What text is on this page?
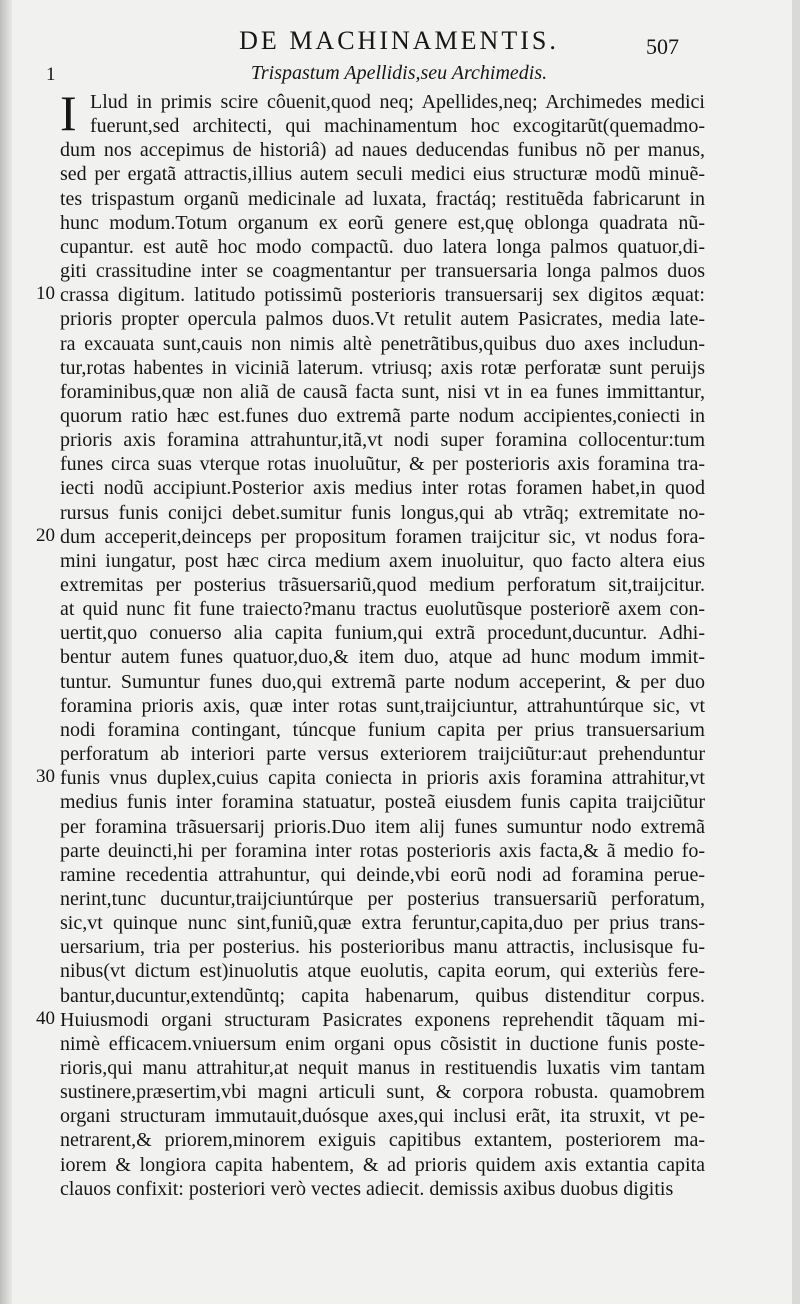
DE MACHINAMENTIS.	507
1	Trispastum Apellidis,seu Archimedis.
I Llud in primis scire côuenit,quod neq; Apellides,neq; Archimedes medici
fuerunt,sed architecti, qui machinamentum hoc excogitarũt(quemadmo-
dum nos accepimus de historiâ) ad naues deducendas funibus nõ per manus,
sed per ergatã attractis,illius autem seculi medici eius structuræ modũ minuẽ-
tes trispastum organũ medicinale ad luxata, fractáq; restituẽda fabricarunt in
hunc modum.Totum organum ex eorũ genere est,quę oblonga quadrata nũ-
cupantur. est autẽ hoc modo compactũ. duo latera longa palmos quatuor,di-
giti crassitudine inter se coagmentantur per transuersaria longa palmos duos
crassa digitum. latitudo potissimũ posterioris transuersarij sex digitos æquat:
prioris propter opercula palmos duos.Vt retulit autem Pasicrates, media late-
ra excauata sunt,cauis non nimis altè penetrãtibus,quibus duo axes includun-
tur,rotas habentes in viciniã laterum. vtriusq; axis rotæ perforatæ sunt peruijs
foraminibus,quæ non aliã de causã facta sunt, nisi vt in ea funes immittantur,
quorum ratio hæc est.funes duo extremã parte nodum accipientes,coniecti in
prioris axis foramina attrahuntur,itã,vt nodi super foramina collocentur:tum
funes circa suas vterque rotas inuoluũtur, & per posterioris axis foramina tra-
iecti nodũ accipiunt.Posterior axis medius inter rotas foramen habet,in quod
rursus funis conijci debet.sumitur funis longus,qui ab vtrãq; extremitate no-
dum acceperit,deinceps per propositum foramen traijcitur sic, vt nodus fora-
mini iungatur, post hæc circa medium axem inuoluitur, quo facto altera eius
extremitas per posterius trãsuersariũ,quod medium perforatum sit,traijcitur.
at quid nunc fit fune traiecto?manu tractus euolutũsque posteriorẽ axem con-
uertit,quo conuerso alia capita funium,qui extrã procedunt,ducuntur. Adhi-
bentur autem funes quatuor,duo,& item duo, atque ad hunc modum immit-
tuntur. Sumuntur funes duo,qui extremã parte nodum acceperint, & per duo
foramina prioris axis, quæ inter rotas sunt,traijciuntur, attrahuntúrque sic, vt
nodi foramina contingant, túncque funium capita per prius transuersarium
perforatum ab interiori parte versus exteriorem traijciũtur:aut prehenduntur
funis vnus duplex,cuius capita coniecta in prioris axis foramina attrahitur,vt
medius funis inter foramina statuatur, posteã eiusdem funis capita traijciũtur
per foramina trãsuersarij prioris.Duo item alij funes sumuntur nodo extremã
parte deuincti,hi per foramina inter rotas posterioris axis facta,& ã medio fo-
ramine recedentia attrahuntur, qui deinde,vbi eorũ nodi ad foramina perue-
nerint,tunc ducuntur,traijciuntúrque per posterius transuersariũ perforatum,
sic,vt quinque nunc sint,funiũ,quæ extra feruntur,capita,duo per prius trans-
uersarium, tria per posterius. his posterioribus manu attractis, inclusisque fu-
nibus(vt dictum est)inuolutis atque euolutis, capita eorum, qui exteriùs fere-
bantur,ducuntur,extendũntq; capita habenarum, quibus distenditur corpus.
Huiusmodi organi structuram Pasicrates exponens reprehendit tãquam mi-
nimè efficacem.vniuersum enim organi opus cõsistit in ductione funis poste-
rioris,qui manu attrahitur,at nequit manus in restituendis luxatis vim tantam
sustinere,præsertim,vbi magni articuli sunt, & corpora robusta. quamobrem
organi structuram immutauit,duósque axes,qui inclusi erãt, ita struxit, vt pe-
netrarent,& priorem,minorem exiguis capitibus extantem, posteriorem ma-
iorem & longiora capita habentem, & ad prioris quidem axis extantia capita
clauos confixit: posteriori verò vectes adiecit. demissis axibus duobus digitis
10
20
30
40
